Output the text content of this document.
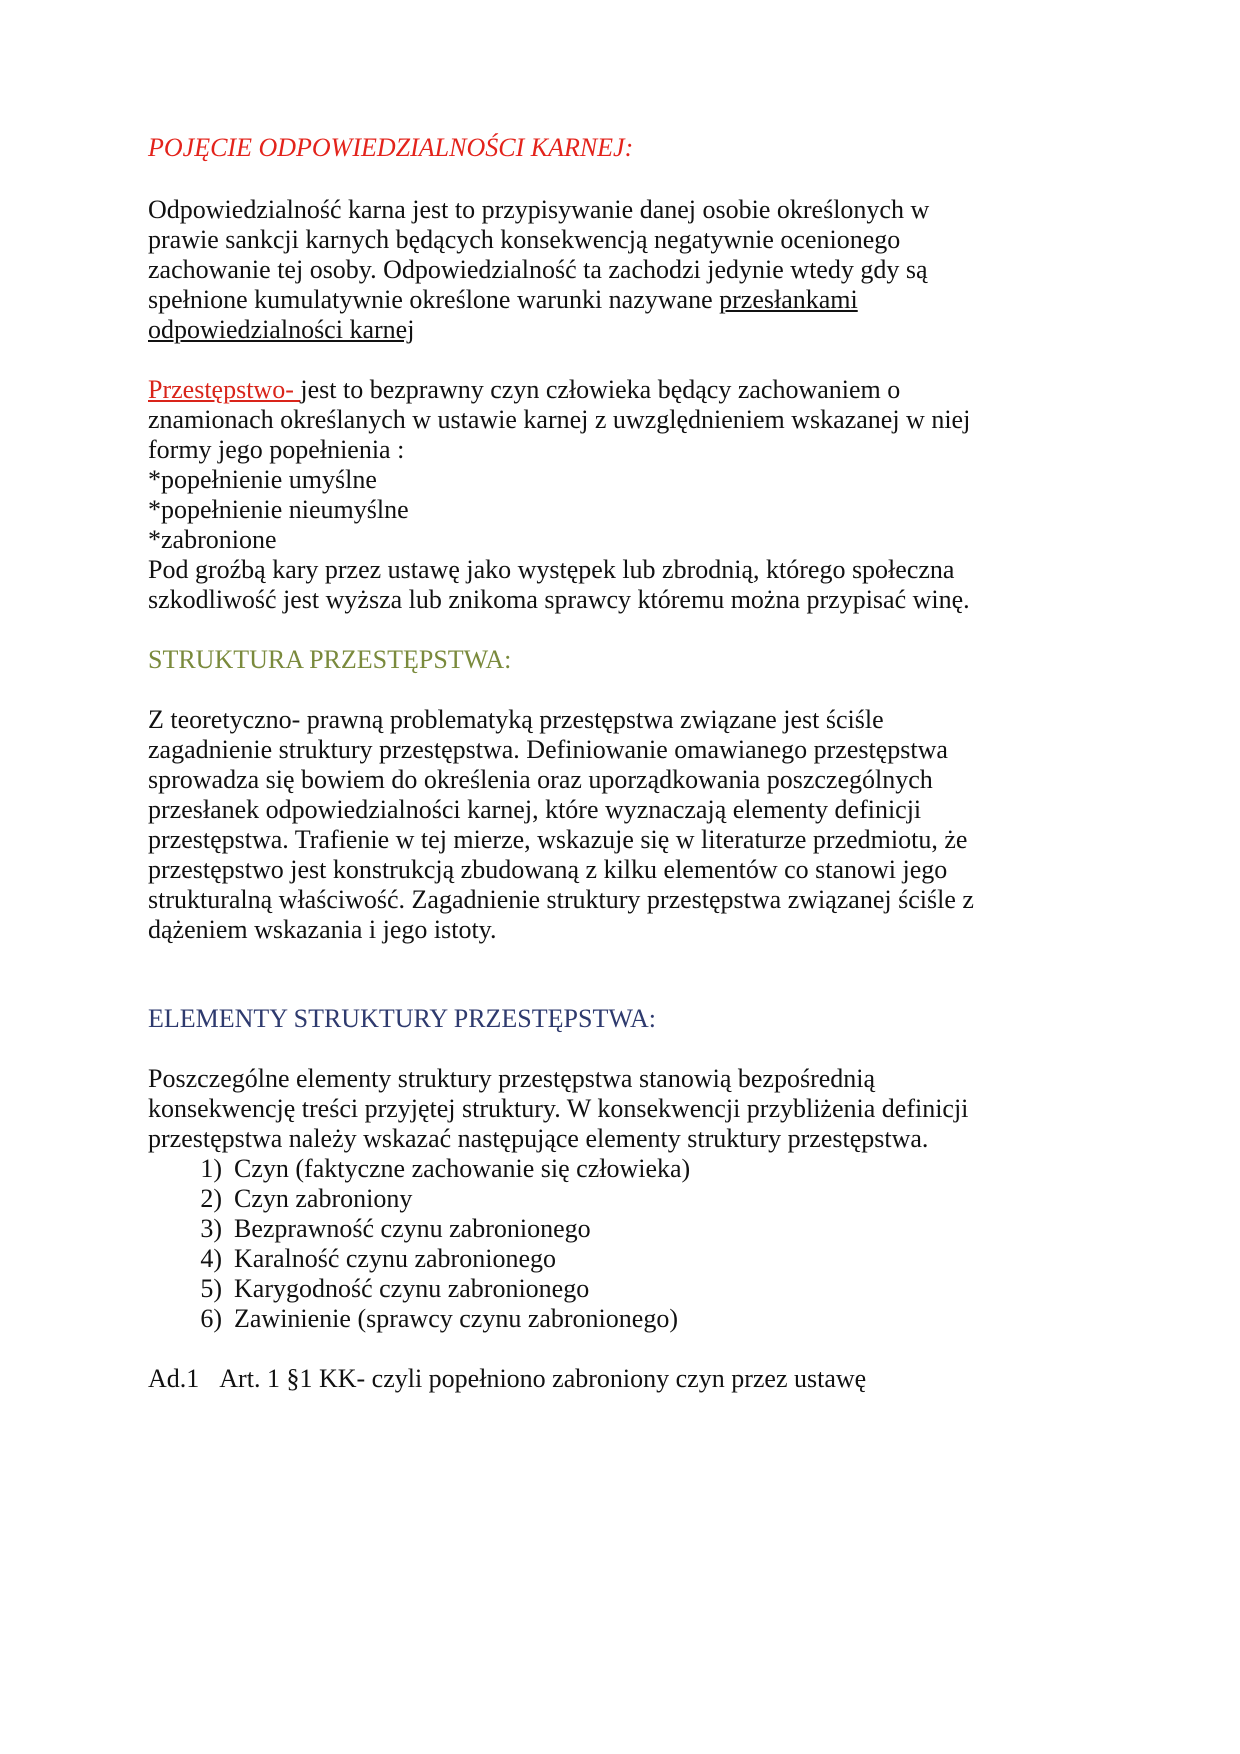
POJĘCIE ODPOWIEDZIALNOŚCI KARNEJ:
Odpowiedzialność karna jest to przypisywanie danej osobie określonych w
prawie sankcji karnych będących konsekwencją negatywnie ocenionego
zachowanie tej osoby. Odpowiedzialność ta zachodzi jedynie wtedy gdy są
spełnione kumulatywnie określone warunki nazywane przesłankami
odpowiedzialności karnej
Przestępstwo- jest to bezprawny czyn człowieka będący zachowaniem o
znamionach określanych w ustawie karnej z uwzględnieniem wskazanej w niej
formy jego popełnienia :
*popełnienie umyślne
*popełnienie nieumyślne
*zabronione
Pod groźbą kary przez ustawę jako występek lub zbrodnią, którego społeczna
szkodliwość jest wyższa lub znikoma sprawcy któremu można przypisać winę.
STRUKTURA PRZESTĘPSTWA:
Z teoretyczno- prawną problematyką przestępstwa związane jest ściśle
zagadnienie struktury przestępstwa. Definiowanie omawianego przestępstwa
sprowadza się bowiem do określenia oraz uporządkowania poszczególnych
przesłanek odpowiedzialności karnej, które wyznaczają elementy definicji
przestępstwa. Trafienie w tej mierze, wskazuje się w literaturze przedmiotu, że
przestępstwo jest konstrukcją zbudowaną z kilku elementów co stanowi jego
strukturalną właściwość. Zagadnienie struktury przestępstwa związanej ściśle z
dążeniem wskazania i jego istoty.
ELEMENTY STRUKTURY PRZESTĘPSTWA:
Poszczególne elementy struktury przestępstwa stanowią bezpośrednią
konsekwencję treści przyjętej struktury. W konsekwencji przybliżenia definicji
przestępstwa należy wskazać następujące elementy struktury przestępstwa.
1) Czyn (faktyczne zachowanie się człowieka)
2) Czyn zabroniony
3) Bezprawność czynu zabronionego
4) Karalność czynu zabronionego
5) Karygodność czynu zabronionego
6) Zawinienie (sprawcy czynu zabronionego)
Ad.1 Art. 1 §1 KK- czyli popełniono zabroniony czyn przez ustawę
